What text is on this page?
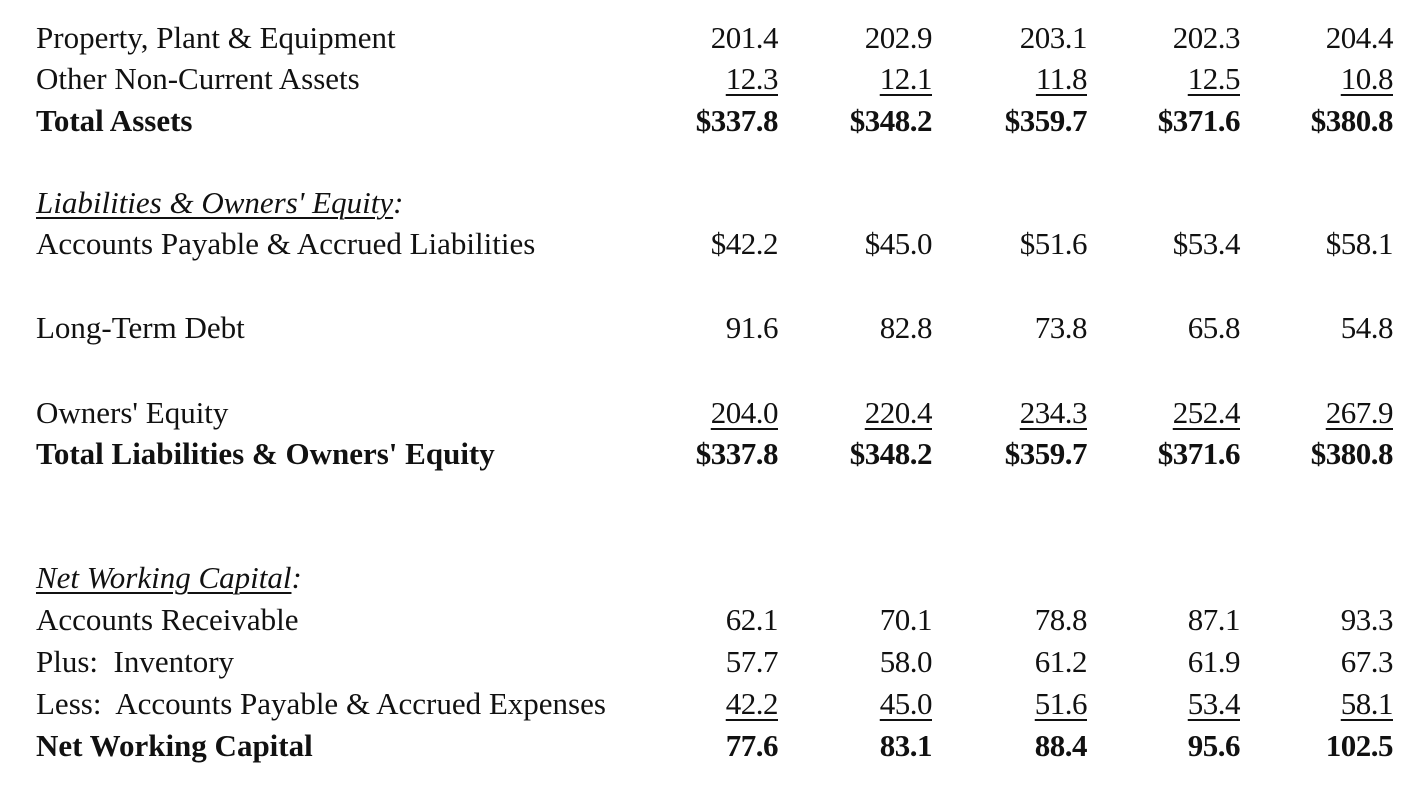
Property, Plant & Equipment	201.4	202.9	203.1	202.3	204.4
Other Non-Current Assets	12.3	12.1	11.8	12.5	10.8
Total Assets	$337.8	$348.2	$359.7	$371.6	$380.8
Liabilities & Owners' Equity:
Accounts Payable & Accrued Liabilities	$42.2	$45.0	$51.6	$53.4	$58.1
Long-Term Debt	91.6	82.8	73.8	65.8	54.8
Owners' Equity	204.0	220.4	234.3	252.4	267.9
Total Liabilities & Owners' Equity	$337.8	$348.2	$359.7	$371.6	$380.8
Net Working Capital:
Accounts Receivable	62.1	70.1	78.8	87.1	93.3
Plus:  Inventory	57.7	58.0	61.2	61.9	67.3
Less:  Accounts Payable & Accrued Expenses	42.2	45.0	51.6	53.4	58.1
Net Working Capital	77.6	83.1	88.4	95.6	102.5
